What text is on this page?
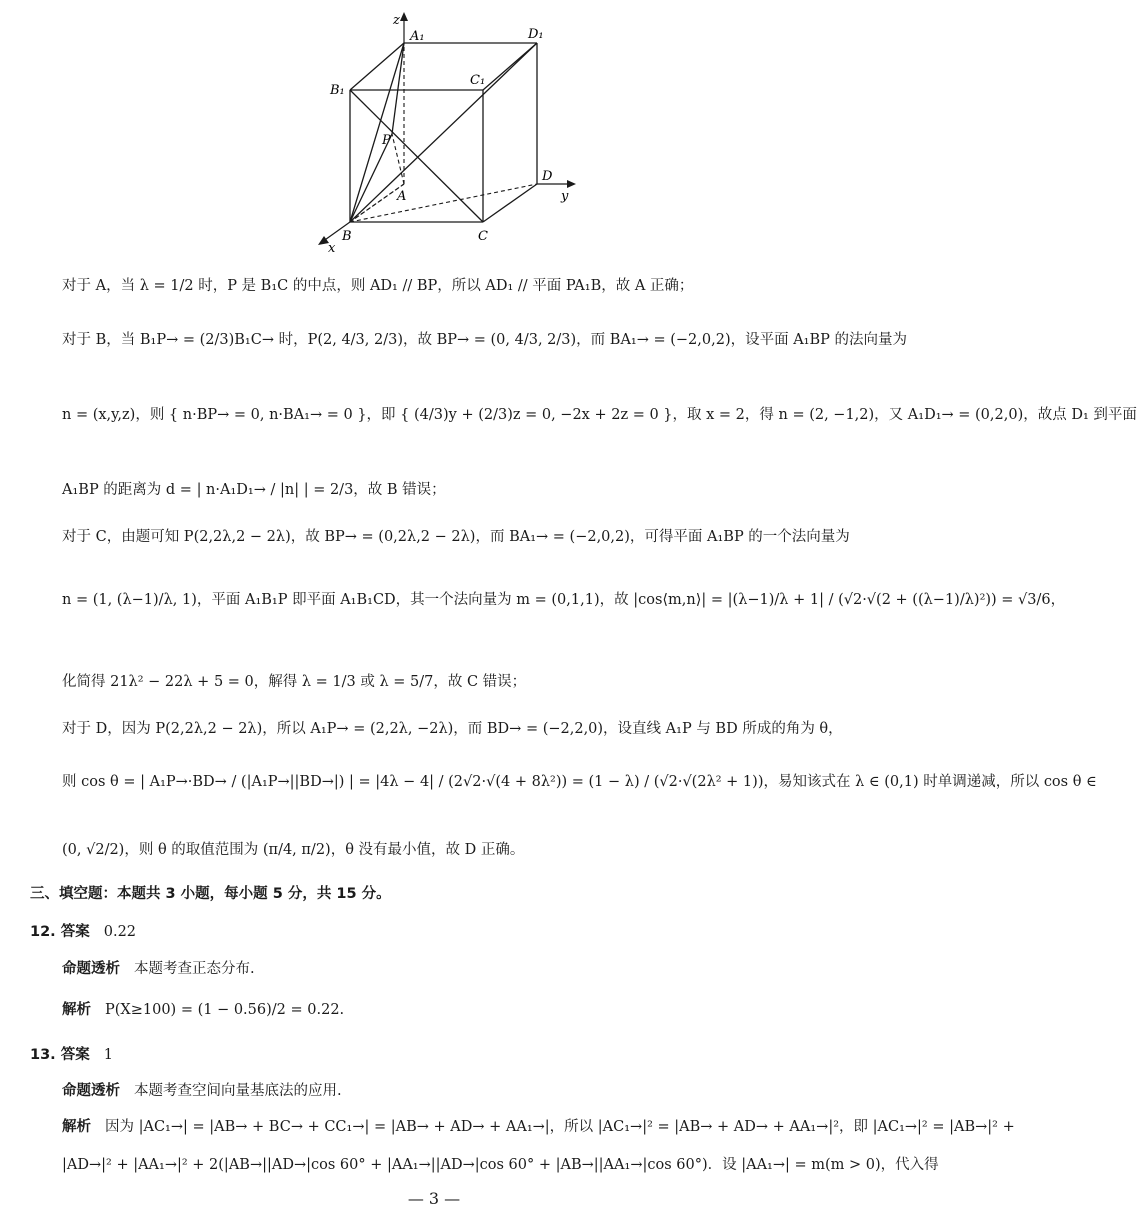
z
y
x
A₁	D₁
B₁
C₁
P
A
D
B	C
对于 A，当 λ = 1/2 时，P 是 B₁C 的中点，则 AD₁ // BP，所以 AD₁ // 平面 PA₁B，故 A 正确；
对于 B，当 B₁P→ = (2/3)B₁C→ 时，P(2, 4/3, 2/3)，故 BP→ = (0, 4/3, 2/3)，而 BA₁→ = (−2,0,2)，设平面 A₁BP 的法向量为
n = (x,y,z)，则 { n·BP→ = 0, n·BA₁→ = 0 }，即 { (4/3)y + (2/3)z = 0, −2x + 2z = 0 }，取 x = 2，得 n = (2, −1,2)，又 A₁D₁→ = (0,2,0)，故点 D₁ 到平面
A₁BP 的距离为 d = | n·A₁D₁→ / |n| | = 2/3，故 B 错误；
对于 C，由题可知 P(2,2λ,2 − 2λ)，故 BP→ = (0,2λ,2 − 2λ)，而 BA₁→ = (−2,0,2)，可得平面 A₁BP 的一个法向量为
n = (1, (λ−1)/λ, 1)，平面 A₁B₁P 即平面 A₁B₁CD，其一个法向量为 m = (0,1,1)，故 |cos⟨m,n⟩| = |(λ−1)/λ + 1| / (√2·√(2 + ((λ−1)/λ)²)) = √3/6，
化简得 21λ² − 22λ + 5 = 0，解得 λ = 1/3 或 λ = 5/7，故 C 错误；
对于 D，因为 P(2,2λ,2 − 2λ)，所以 A₁P→ = (2,2λ, −2λ)，而 BD→ = (−2,2,0)，设直线 A₁P 与 BD 所成的角为 θ，
则 cos θ = | A₁P→·BD→ / (|A₁P→||BD→|) | = |4λ − 4| / (2√2·√(4 + 8λ²)) = (1 − λ) / (√2·√(2λ² + 1))，易知该式在 λ ∈ (0,1) 时单调递减，所以 cos θ ∈
(0, √2/2)，则 θ 的取值范围为 (π/4, π/2)，θ 没有最小值，故 D 正确。
三、填空题：本题共 3 小题，每小题 5 分，共 15 分。
12. 答案 0.22
命题透析 本题考查正态分布.
解析 P(X≥100) = (1 − 0.56)/2 = 0.22.
13. 答案 1
命题透析 本题考查空间向量基底法的应用.
解析 因为 |AC₁→| = |AB→ + BC→ + CC₁→| = |AB→ + AD→ + AA₁→|，所以 |AC₁→|² = |AB→ + AD→ + AA₁→|²，即 |AC₁→|² = |AB→|² +
|AD→|² + |AA₁→|² + 2(|AB→||AD→|cos 60° + |AA₁→||AD→|cos 60° + |AB→||AA₁→|cos 60°)．设 |AA₁→| = m(m > 0)，代入得
— 3 —
